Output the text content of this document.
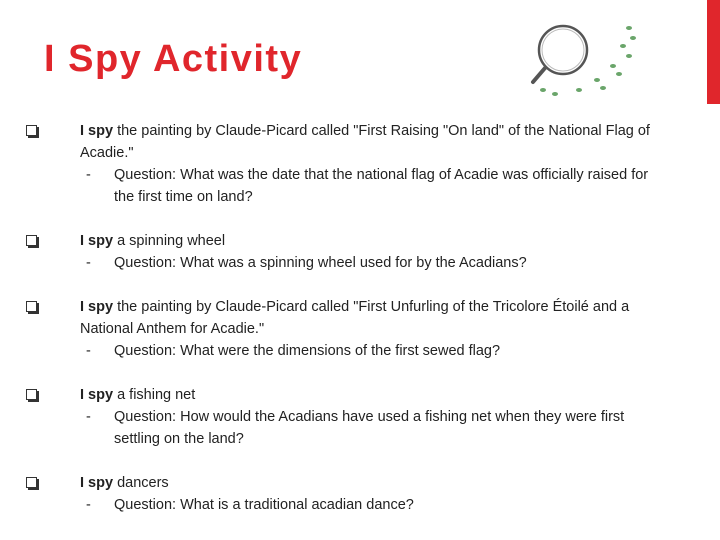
I Spy Activity
I spy the painting by Claude-Picard called "First Raising "On land" of the National Flag of Acadie."
- Question: What was the date that the national flag of Acadie was officially raised for the first time on land?
I spy a spinning wheel
- Question: What was a spinning wheel used for by the Acadians?
I spy the painting by Claude-Picard called "First Unfurling of the Tricolore Étoilé and a National Anthem for Acadie."
- Question: What were the dimensions of the first sewed flag?
I spy a fishing net
- Question: How would the Acadians have used a fishing net when they were first settling on the land?
I spy dancers
- Question: What is a traditional acadian dance?
